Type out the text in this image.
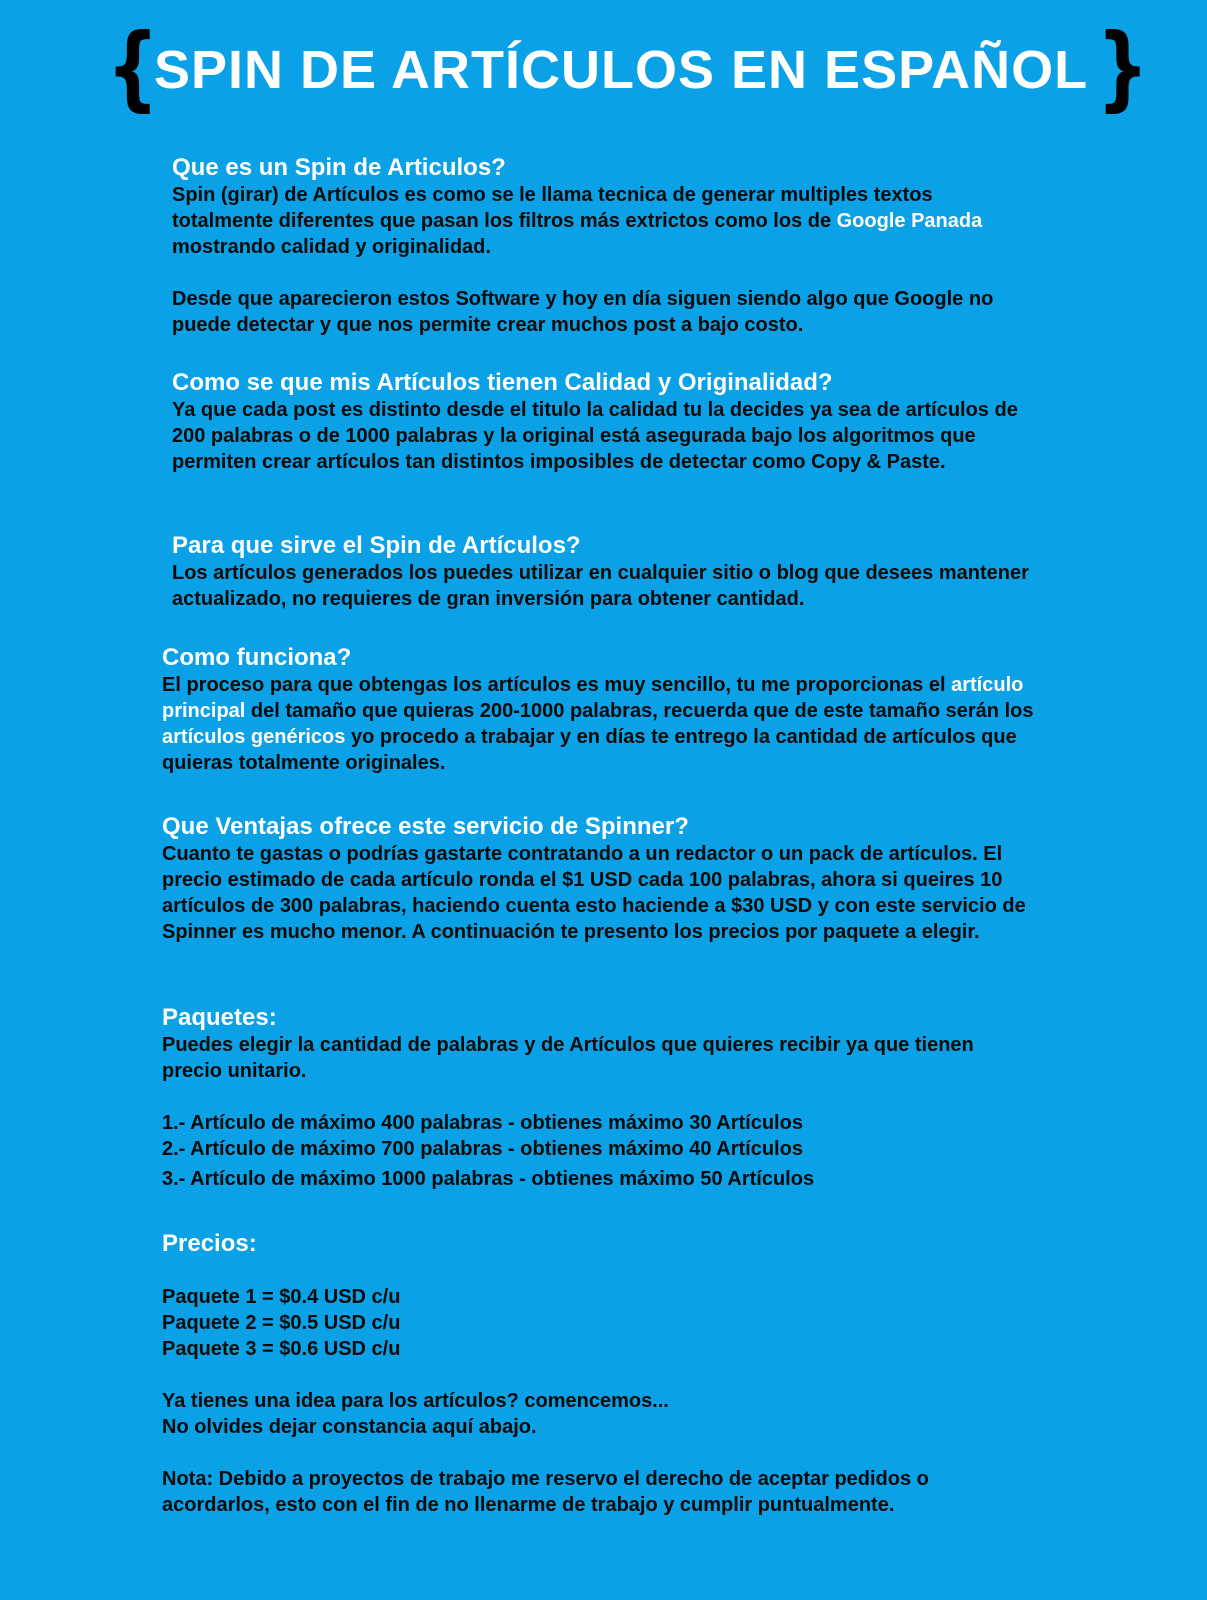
{
SPIN DE ARTÍCULOS EN ESPAÑOL }
Que es un Spin de Articulos?

Spin (girar) de Artículos es como se le llama tecnica de generar multiples textos totalmente diferentes que pasan los filtros más extrictos como los de Google Panada mostrando calidad y originalidad.

Desde que aparecieron estos Software y hoy en día siguen siendo algo que Google no puede detectar y que nos permite crear muchos post a bajo costo.

Como se que mis Artículos tienen Calidad y Originalidad?

Ya que cada post es distinto desde el titulo la calidad tu la decides ya sea de artículos de 200 palabras o de 1000 palabras y la original está asegurada bajo los algoritmos que permiten crear artículos tan distintos imposibles de detectar como Copy & Paste.

Para que sirve el Spin de Artículos?

Los artículos generados los puedes utilizar en cualquier sitio o blog que desees mantener actualizado, no requieres de gran inversión para obtener cantidad.

Como funciona?

El proceso para que obtengas los artículos es muy sencillo, tu me proporcionas el artículo principal del tamaño que quieras 200-1000 palabras, recuerda que de este tamaño serán los artículos genéricos yo procedo a trabajar y en días te entrego la cantidad de artículos que quieras totalmente originales.

Que Ventajas ofrece este servicio de Spinner?

Cuanto te gastas o podrías gastarte contratando a un redactor o un pack de artículos. El precio estimado de cada artículo ronda el $1 USD cada 100 palabras, ahora si queires 10 artículos de 300 palabras, haciendo cuenta esto haciende a $30 USD y con este servicio de Spinner es mucho menor. A continuación te presento los precios por paquete a elegir.

Paquetes:

Puedes elegir la cantidad de palabras y de Artículos que quieres recibir ya que tienen precio unitario.

1.- Artículo de máximo 400 palabras - obtienes máximo 30 Artículos
2.- Artículo de máximo 700 palabras - obtienes máximo 40 Artículos
3.- Artículo de máximo 1000 palabras - obtienes máximo 50 Artículos
Precios:
Paquete 1 = $0.4 USD c/u
Paquete 2 = $0.5 USD c/u
Paquete 3 = $0.6 USD c/u
Ya tienes una idea para los artículos? comencemos...
No olvides dejar constancia aquí abajo.

Nota: Debido a proyectos de trabajo me reservo el derecho de aceptar pedidos o acordarlos, esto con el fin de no llenarme de trabajo y cumplir puntualmente.
